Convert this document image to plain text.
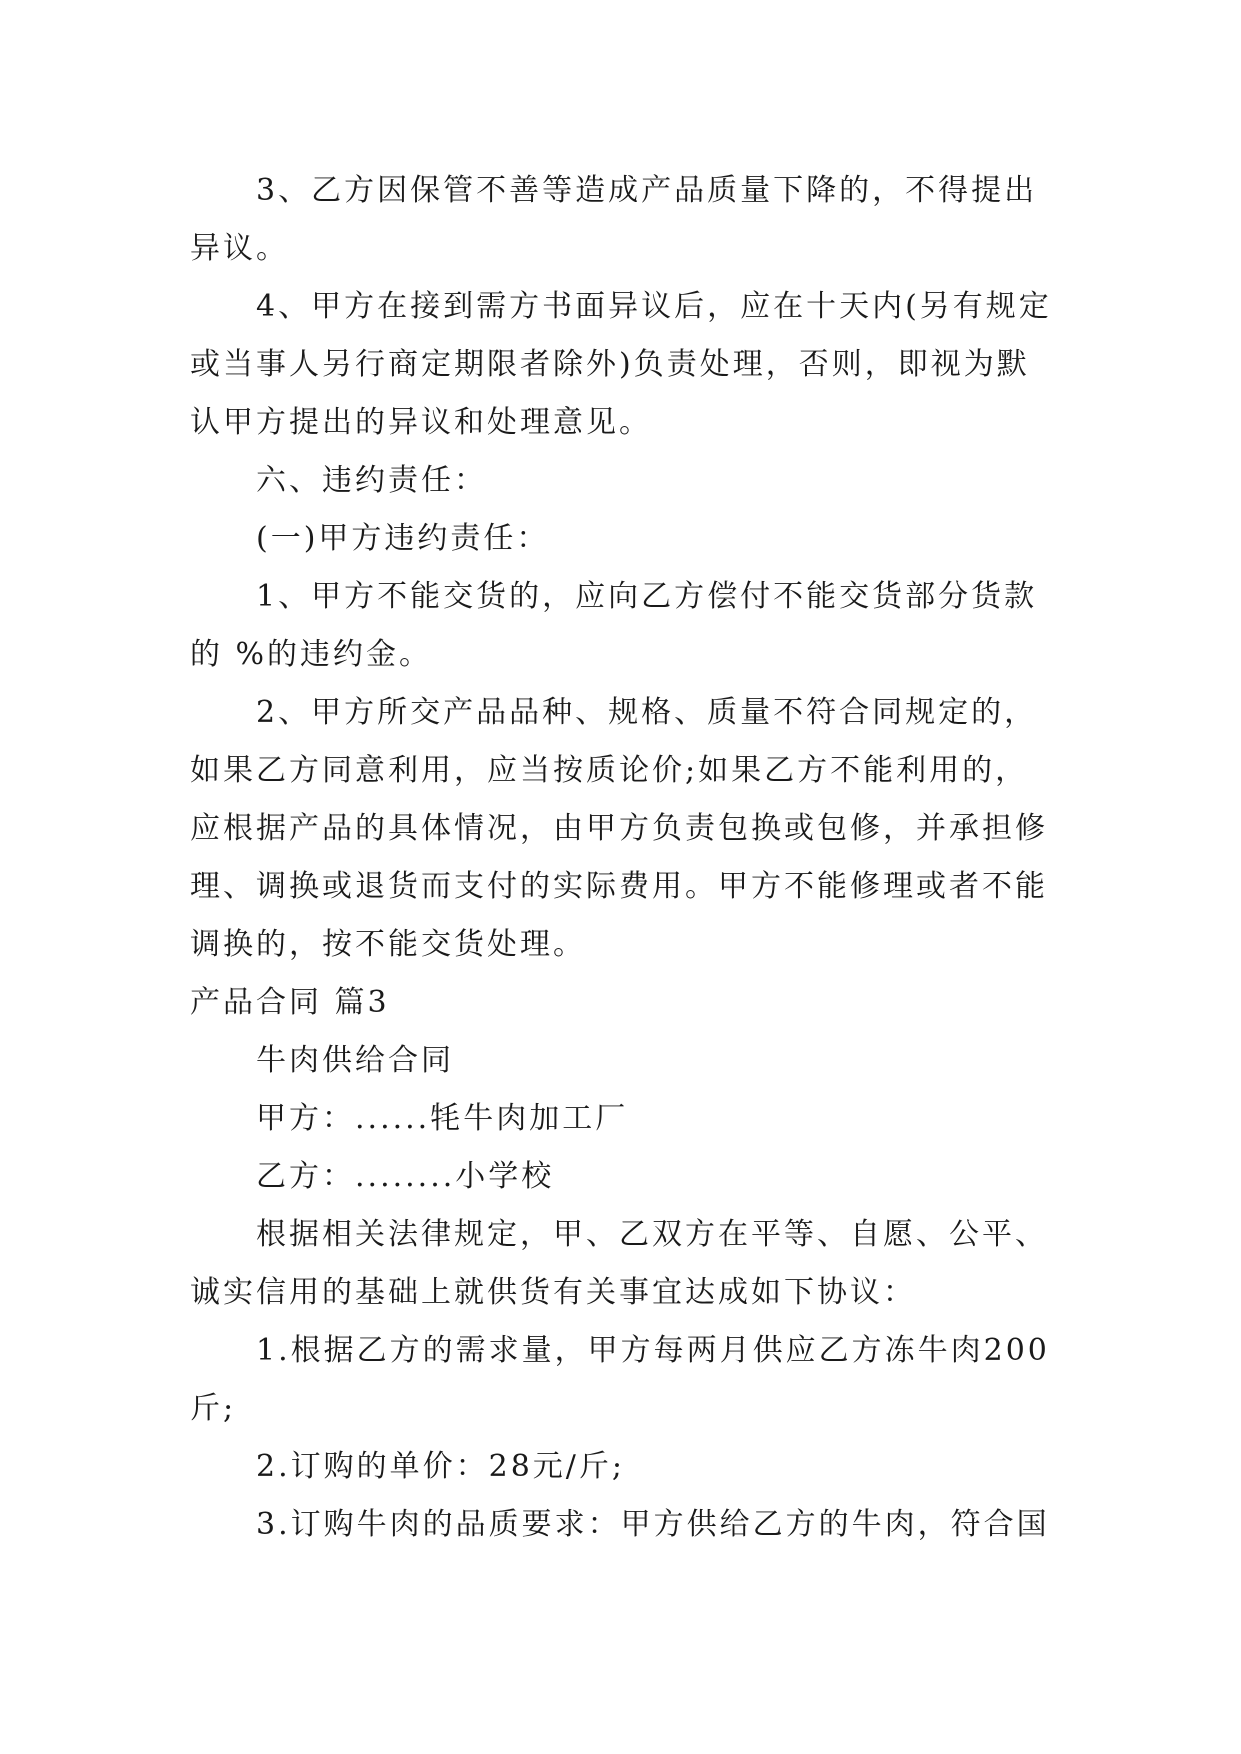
3、乙方因保管不善等造成产品质量下降的，不得提出
异议。
4、甲方在接到需方书面异议后，应在十天内(另有规定
或当事人另行商定期限者除外)负责处理，否则，即视为默
认甲方提出的异议和处理意见。
六、违约责任：
(一)甲方违约责任：
1、甲方不能交货的，应向乙方偿付不能交货部分货款
的 %的违约金。
2、甲方所交产品品种、规格、质量不符合同规定的，
如果乙方同意利用，应当按质论价;如果乙方不能利用的，
应根据产品的具体情况，由甲方负责包换或包修，并承担修
理、调换或退货而支付的实际费用。甲方不能修理或者不能
调换的，按不能交货处理。
产品合同 篇3
牛肉供给合同
甲方：......牦牛肉加工厂
乙方：........小学校
根据相关法律规定，甲、乙双方在平等、自愿、公平、
诚实信用的基础上就供货有关事宜达成如下协议：
1.根据乙方的需求量，甲方每两月供应乙方冻牛肉200
斤;
2.订购的单价：28元/斤;
3.订购牛肉的品质要求：甲方供给乙方的牛肉，符合国
